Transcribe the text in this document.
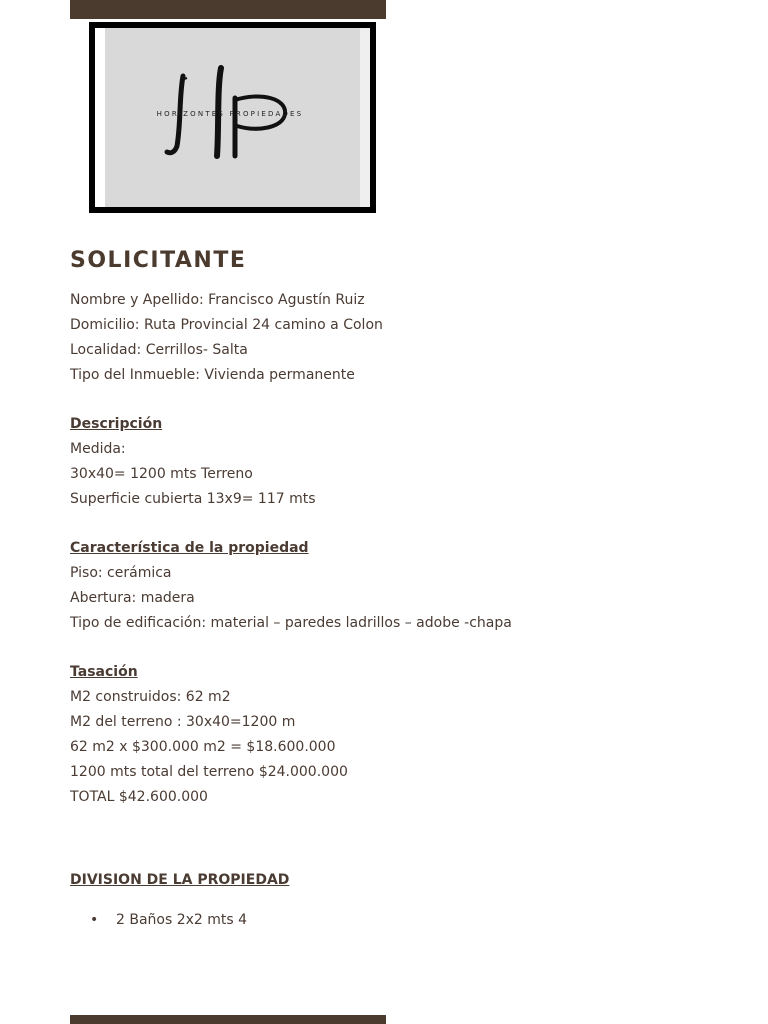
HORIZONTES PROPIEDADES
SOLICITANTE
Nombre y Apellido: Francisco Agustín Ruiz
Domicilio: Ruta Provincial 24 camino a Colon
Localidad: Cerrillos- Salta
Tipo del Inmueble: Vivienda permanente
Descripción
Medida:
30x40= 1200 mts Terreno
Superficie cubierta 13x9= 117 mts
Característica de la propiedad
Piso: cerámica
Abertura: madera
Tipo de edificación: material – paredes ladrillos – adobe -chapa
Tasación
M2 construidos: 62 m2
M2 del terreno : 30x40=1200 m
62 m2 x $300.000 m2 = $18.600.000
1200 mts total del terreno $24.000.000
TOTAL $42.600.000
DIVISION DE LA PROPIEDAD
• 2 Baños 2x2 mts 4
